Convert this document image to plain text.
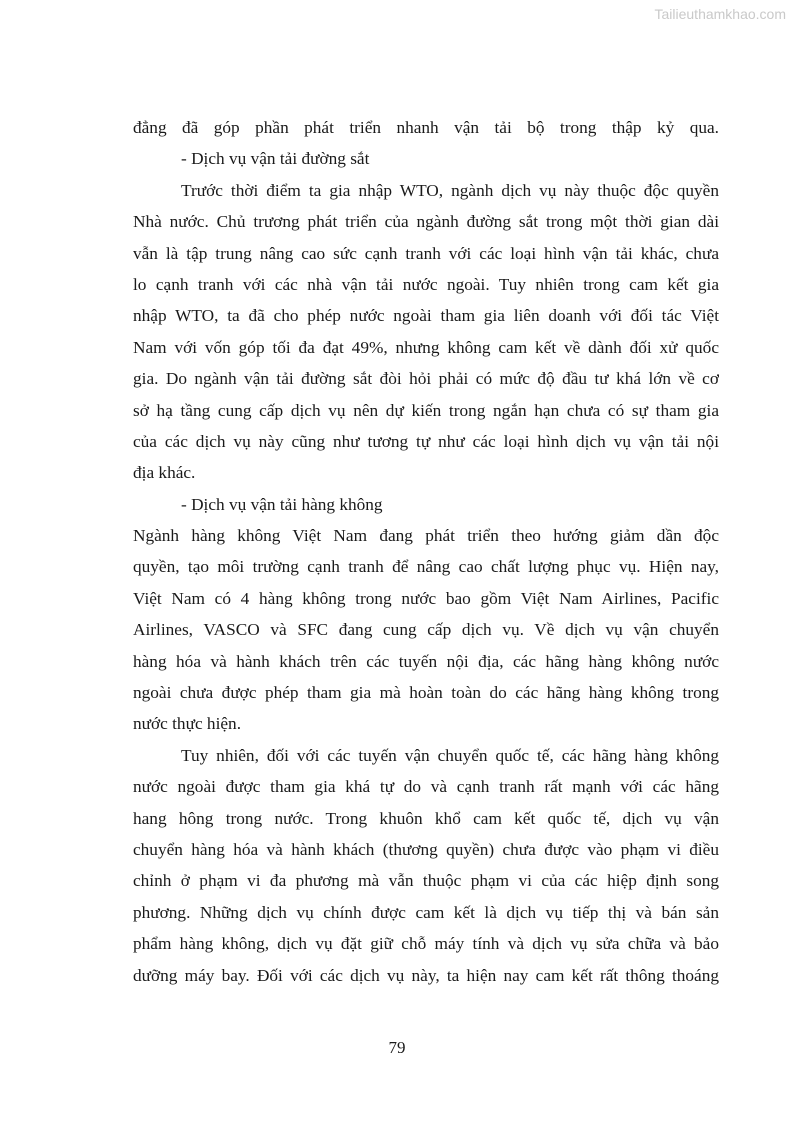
Tailieuthamkhao.com
đẳng đã góp phần phát triển nhanh vận tải bộ trong thập kỷ qua.
- Dịch vụ vận tải đường sắt
Trước thời điểm ta gia nhập WTO, ngành dịch vụ này thuộc độc quyền
Nhà nước. Chủ trương phát triển của ngành đường sắt trong một thời gian dài
vẫn là tập trung nâng cao sức cạnh tranh với các loại hình vận tải khác, chưa
lo cạnh tranh với các nhà vận tải nước ngoài. Tuy nhiên trong cam kết gia
nhập WTO, ta đã cho phép nước ngoài tham gia liên doanh với đối tác Việt
Nam với vốn góp tối đa đạt 49%, nhưng không cam kết về dành đối xử quốc
gia. Do ngành vận tải đường sắt đòi hỏi phải có mức độ đầu tư khá lớn về cơ
sở hạ tầng cung cấp dịch vụ nên dự kiến trong ngắn hạn chưa có sự tham gia
của các dịch vụ này cũng như tương tự như các loại hình dịch vụ vận tải nội
địa khác.
- Dịch vụ vận tải hàng không
Ngành hàng không Việt Nam đang phát triển theo hướng giảm dần độc
quyền, tạo môi trường cạnh tranh để nâng cao chất lượng phục vụ. Hiện nay,
Việt Nam có 4 hàng không trong nước bao gồm Việt Nam Airlines, Pacific
Airlines, VASCO và SFC đang cung cấp dịch vụ. Về dịch vụ vận chuyển
hàng hóa và hành khách trên các tuyến nội địa, các hãng hàng không nước
ngoài chưa được phép tham gia mà hoàn toàn do các hãng hàng không trong
nước thực hiện.
Tuy nhiên, đối với các tuyến vận chuyển quốc tế, các hãng hàng không
nước ngoài được tham gia khá tự do và cạnh tranh rất mạnh với các hãng
hang hông trong nước. Trong khuôn khổ cam kết quốc tế, dịch vụ vận
chuyển hàng hóa và hành khách (thương quyền) chưa được vào phạm vi điều
chỉnh ở phạm vi đa phương mà vẫn thuộc phạm vi của các hiệp định song
phương. Những dịch vụ chính được cam kết là dịch vụ tiếp thị và bán sản
phẩm hàng không, dịch vụ đặt giữ chỗ máy tính và dịch vụ sửa chữa và bảo
dưỡng máy bay. Đối với các dịch vụ này, ta hiện nay cam kết rất thông thoáng
79
